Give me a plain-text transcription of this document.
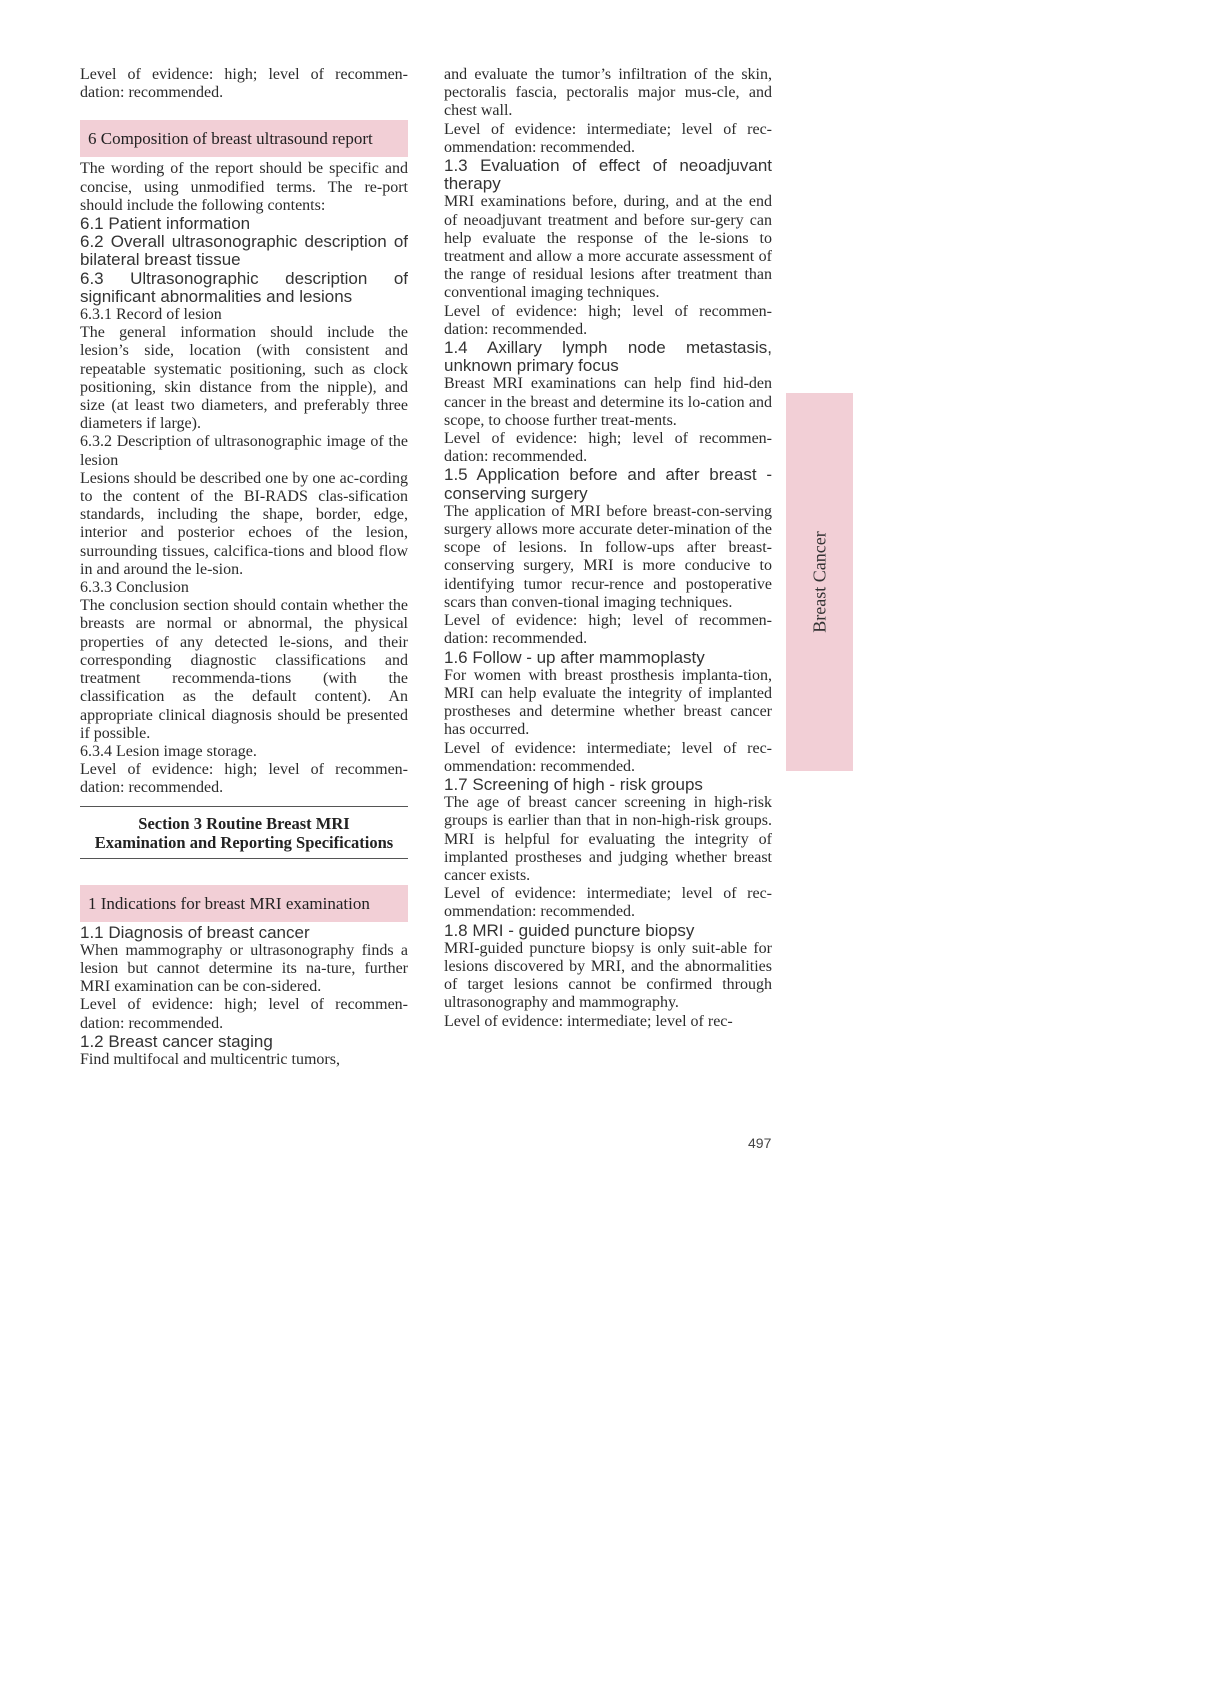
Level of evidence: high; level of recommen-dation: recommended.

6 Composition of breast ultrasound report

The wording of the report should be specific and concise, using unmodified terms. The re-port should include the following contents:

6.1 Patient information

6.2 Overall ultrasonographic description of bilateral breast tissue

6.3 Ultrasonographic description of significant abnormalities and lesions

6.3.1 Record of lesion

The general information should include the lesion’s side, location (with consistent and repeatable systematic positioning, such as clock positioning, skin distance from the nipple), and size (at least two diameters, and preferably three diameters if large).

6.3.2 Description of ultrasonographic image of the lesion

Lesions should be described one by one ac-cording to the content of the BI-RADS clas-sification standards, including the shape, border, edge, interior and posterior echoes of the lesion, surrounding tissues, calcifica-tions and blood flow in and around the le-sion.

6.3.3 Conclusion

The conclusion section should contain whether the breasts are normal or abnormal, the physical properties of any detected le-sions, and their corresponding diagnostic classifications and treatment recommenda-tions (with the classification as the default content). An appropriate clinical diagnosis should be presented if possible.

6.3.4 Lesion image storage.

Level of evidence: high; level of recommen-dation: recommended.

Section 3 Routine Breast MRI
Examination and Reporting Specifications
1 Indications for breast MRI examination

1.1 Diagnosis of breast cancer

When mammography or ultrasonography finds a lesion but cannot determine its na-ture, further MRI examination can be con-sidered.

Level of evidence: high; level of recommen-dation: recommended.

1.2 Breast cancer staging

Find multifocal and multicentric tumors,

and evaluate the tumor’s infiltration of the skin, pectoralis fascia, pectoralis major mus-cle, and chest wall.

Level of evidence: intermediate; level of rec-ommendation: recommended.

1.3 Evaluation of effect of neoadjuvant therapy

MRI examinations before, during, and at the end of neoadjuvant treatment and before sur-gery can help evaluate the response of the le-sions to treatment and allow a more accurate assessment of the range of residual lesions after treatment than conventional imaging techniques.

Level of evidence: high; level of recommen-dation: recommended.

1.4 Axillary lymph node metastasis, unknown primary focus

Breast MRI examinations can help find hid-den cancer in the breast and determine its lo-cation and scope, to choose further treat-ments.

Level of evidence: high; level of recommen-dation: recommended.

1.5 Application before and after breast - conserving surgery

The application of MRI before breast-con-serving surgery allows more accurate deter-mination of the scope of lesions. In follow-ups after breast-conserving surgery, MRI is more conducive to identifying tumor recur-rence and postoperative scars than conven-tional imaging techniques.

Level of evidence: high; level of recommen-dation: recommended.

1.6 Follow - up after mammoplasty

For women with breast prosthesis implanta-tion, MRI can help evaluate the integrity of implanted prostheses and determine whether breast cancer has occurred.

Level of evidence: intermediate; level of rec-ommendation: recommended.

1.7 Screening of high - risk groups

The age of breast cancer screening in high-risk groups is earlier than that in non-high-risk groups. MRI is helpful for evaluating the integrity of implanted prostheses and judging whether breast cancer exists.

Level of evidence: intermediate; level of rec-ommendation: recommended.

1.8 MRI - guided puncture biopsy

MRI-guided puncture biopsy is only suit-able for lesions discovered by MRI, and the abnormalities of target lesions cannot be confirmed through ultrasonography and mammography.

Level of evidence: intermediate; level of rec-

Breast Cancer
497
